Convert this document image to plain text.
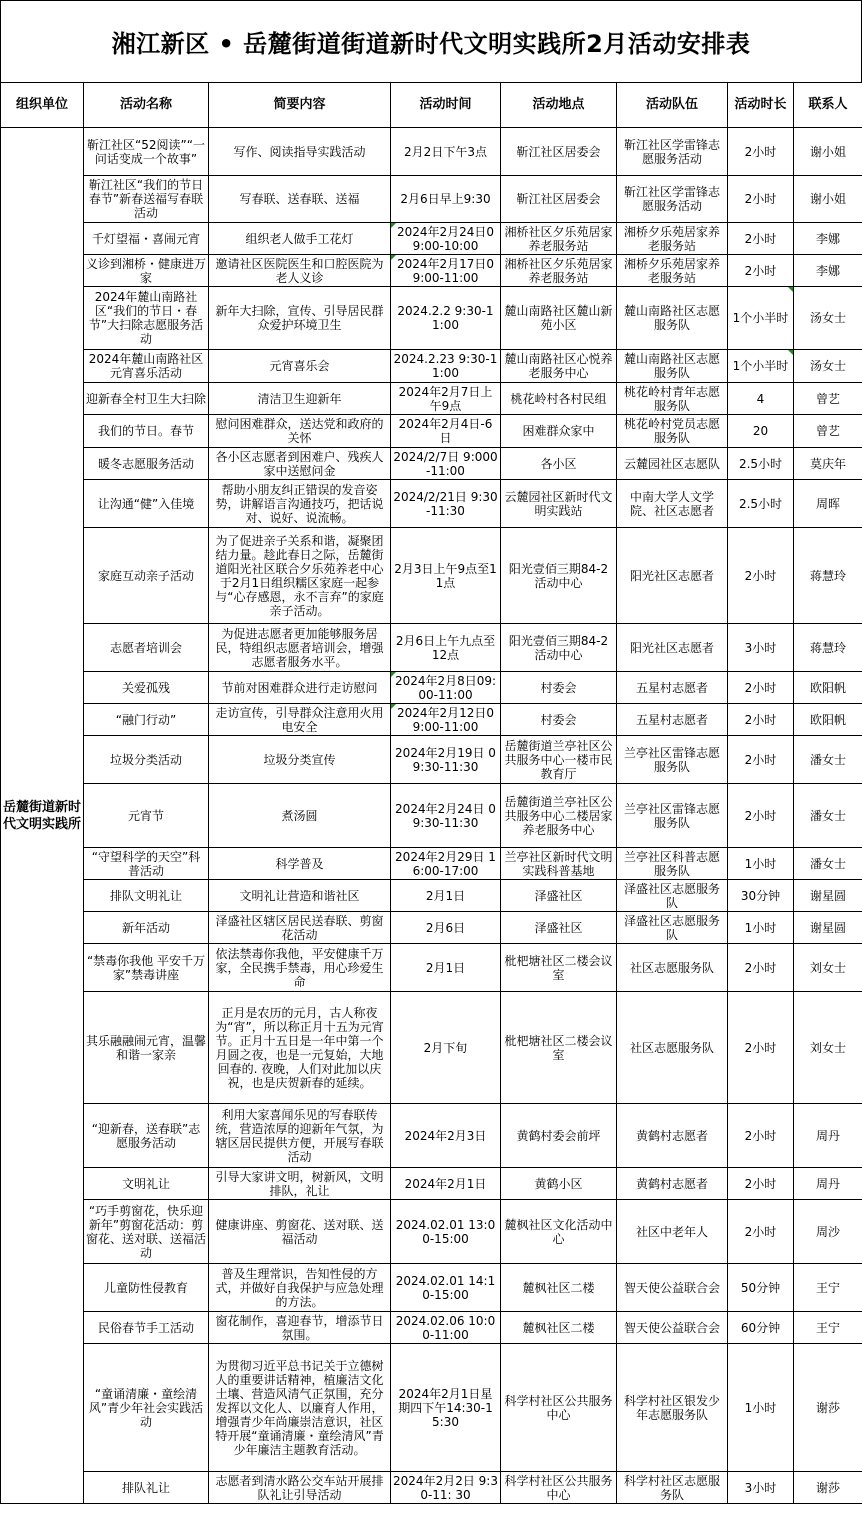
湘江新区 • 岳麓街道街道新时代文明实践所2月活动安排表
组织单位	活动名称	简要内容	活动时间	活动地点	活动队伍	活动时长	联系人
岳麓街道新时代文明实践所	靳江社区“52阅读”“一问话变成一个故事”	写作、阅读指导实践活动	2月2日下午3点	靳江社区居委会	靳江社区学雷锋志愿服务活动	2小时	谢小姐
	靳江社区“我们的节日 春节”新春送福写春联活动	写春联、送春联、送福	2月6日早上9:30	靳江社区居委会	靳江社区学雷锋志愿服务活动	2小时	谢小姐
	千灯望福・喜闹元宵	组织老人做手工花灯	2024年2月24日09:00-10:00	湘桥社区夕乐苑居家养老服务站	湘桥夕乐苑居家养老服务站	2小时	李娜
	义诊到湘桥・健康进万家	邀请社区医院医生和口腔医院为老人义诊	2024年2月17日09:00-11:00	湘桥社区夕乐苑居家养老服务站	湘桥夕乐苑居家养老服务站	2小时	李娜
	2024年麓山南路社区“我们的节日・春节”大扫除志愿服务活动	新年大扫除，宣传、引导居民群众爱护环境卫生	2024.2.2 9:30-11:00	麓山南路社区麓山新苑小区	麓山南路社区志愿服务队	1个小半时	汤女士
	2024年麓山南路社区元宵喜乐活动	元宵喜乐会	2024.2.23 9:30-11:00	麓山南路社区心悦养老服务中心	麓山南路社区志愿服务队	1个小半时	汤女士
	迎新春全村卫生大扫除	清洁卫生迎新年	2024年2月7日上午9点	桃花岭村各村民组	桃花岭村青年志愿服务队	4	曾艺
	我们的节日。春节	慰问困难群众，送达党和政府的关怀	2024年2月4日-6日	困难群众家中	桃花岭村党员志愿服务队	20	曾艺
	暖冬志愿服务活动	各小区志愿者到困难户、残疾人家中送慰问金	2024/2/7日 9:000-11:00	各小区	云麓园社区志愿队	2.5小时	莫庆年
	让沟通“健”入佳境	帮助小朋友纠正错误的发音姿势，讲解语言沟通技巧，把话说对、说好、说流畅。	2024/2/21日 9:30-11:30	云麓园社区新时代文明实践站	中南大学人文学院、社区志愿者	2.5小时	周晖
	家庭互动亲子活动	为了促进亲子关系和谐，凝聚团结力量。趁此春日之际，岳麓街道阳光社区联合夕乐苑养老中心于2月1日组织糯区家庭一起参与“心存感恩，永不言弃”的家庭亲子活动。	2月3日上午9点至11点	阳光壹佰三期84-2活动中心	阳光社区志愿者	2小时	蒋慧玲
	志愿者培训会	为促进志愿者更加能够服务居民，特组织志愿者培训会，增强志愿者服务水平。	2月6日上午九点至12点	阳光壹佰三期84-2活动中心	阳光社区志愿者	3小时	蒋慧玲
	关爱孤残	节前对困难群众进行走访慰问	2024年2月8日09:00-11:00	村委会	五星村志愿者	2小时	欧阳帆
	“融门行动”	走访宣传，引导群众注意用火用电安全	2024年2月12日09:00-11:00	村委会	五星村志愿者	2小时	欧阳帆
	垃圾分类活动	垃圾分类宣传	2024年2月19日 09:30-11:30	岳麓街道兰亭社区公共服务中心一楼市民教育厅	兰亭社区雷锋志愿服务队	2小时	潘女士
	元宵节	煮汤圆	2024年2月24日 09:30-11:30	岳麓街道兰亭社区公共服务中心二楼居家养老服务中心	兰亭社区雷锋志愿服务队	2小时	潘女士
	“守望科学的天空”科普活动	科学普及	2024年2月29日 16:00-17:00	兰亭社区新时代文明实践科普基地	兰亭社区科普志愿服务队	1小时	潘女士
	排队文明礼让	文明礼让营造和谐社区	2月1日	泽盛社区	泽盛社区志愿服务队	30分钟	谢星圆
	新年活动	泽盛社区辖区居民送春联、剪窗花活动	2月6日	泽盛社区	泽盛社区志愿服务队	1小时	谢星圆
	“禁毒你我他 平安千万家”禁毒讲座	依法禁毒你我他，平安健康千万家，全民携手禁毒，用心珍爱生命	2月1日	枇杷塘社区二楼会议室	社区志愿服务队	2小时	刘女士
	其乐融融闹元宵，温馨和谐一家亲	正月是农历的元月，古人称夜为“宵”，所以称正月十五为元宵节。正月十五日是一年中第一个月圆之夜，也是一元复始，大地回春的. 夜晚，人们对此加以庆祝，也是庆贺新春的延续。	2月下旬	枇杷塘社区二楼会议室	社区志愿服务队	2小时	刘女士
	“迎新春，送春联”志愿服务活动	利用大家喜闻乐见的写春联传统，营造浓厚的迎新年气氛，为辖区居民提供方便，开展写春联活动	2024年2月3日	黄鹤村委会前坪	黄鹤村志愿者	2小时	周丹
	文明礼让	引导大家讲文明，树新风，文明排队，礼让	2024年2月1日	黄鹤小区	黄鹤村志愿者	2小时	周丹
	“巧手剪窗花，快乐迎新年”剪窗花活动：剪窗花、送对联、送福活动	健康讲座、剪窗花、送对联、送福活动	2024.02.01 13:00-15:00	麓枫社区文化活动中心	社区中老年人	2小时	周沙
	儿童防性侵教育	普及生理常识，告知性侵的方式，并做好自我保护与应急处理的方法。	2024.02.01 14:10-15:00	麓枫社区二楼	智天使公益联合会	50分钟	王宁
	民俗春节手工活动	窗花制作，喜迎春节，增添节日氛围。	2024.02.06 10:00-11:00	麓枫社区二楼	智天使公益联合会	60分钟	王宁
	“童诵清廉・童绘清风”青少年社会实践活动	为贯彻习近平总书记关于立德树人的重要讲话精神，植廉洁文化土壤、营造风清气正氛围，充分发挥以文化人、以廉育人作用，增强青少年尚廉崇洁意识，社区特开展“童诵清廉・童绘清风”青少年廉洁主题教育活动。	2024年2月1日星期四下午14:30-15:30	科学村社区公共服务中心	科学村社区银发少年志愿服务队	1小时	谢莎
	排队礼让	志愿者到清水路公交车站开展排队礼让引导活动	2024年2月2日 9:30-11: 30	科学村社区公共服务中心	科学村社区志愿服务队	3小时	谢莎
